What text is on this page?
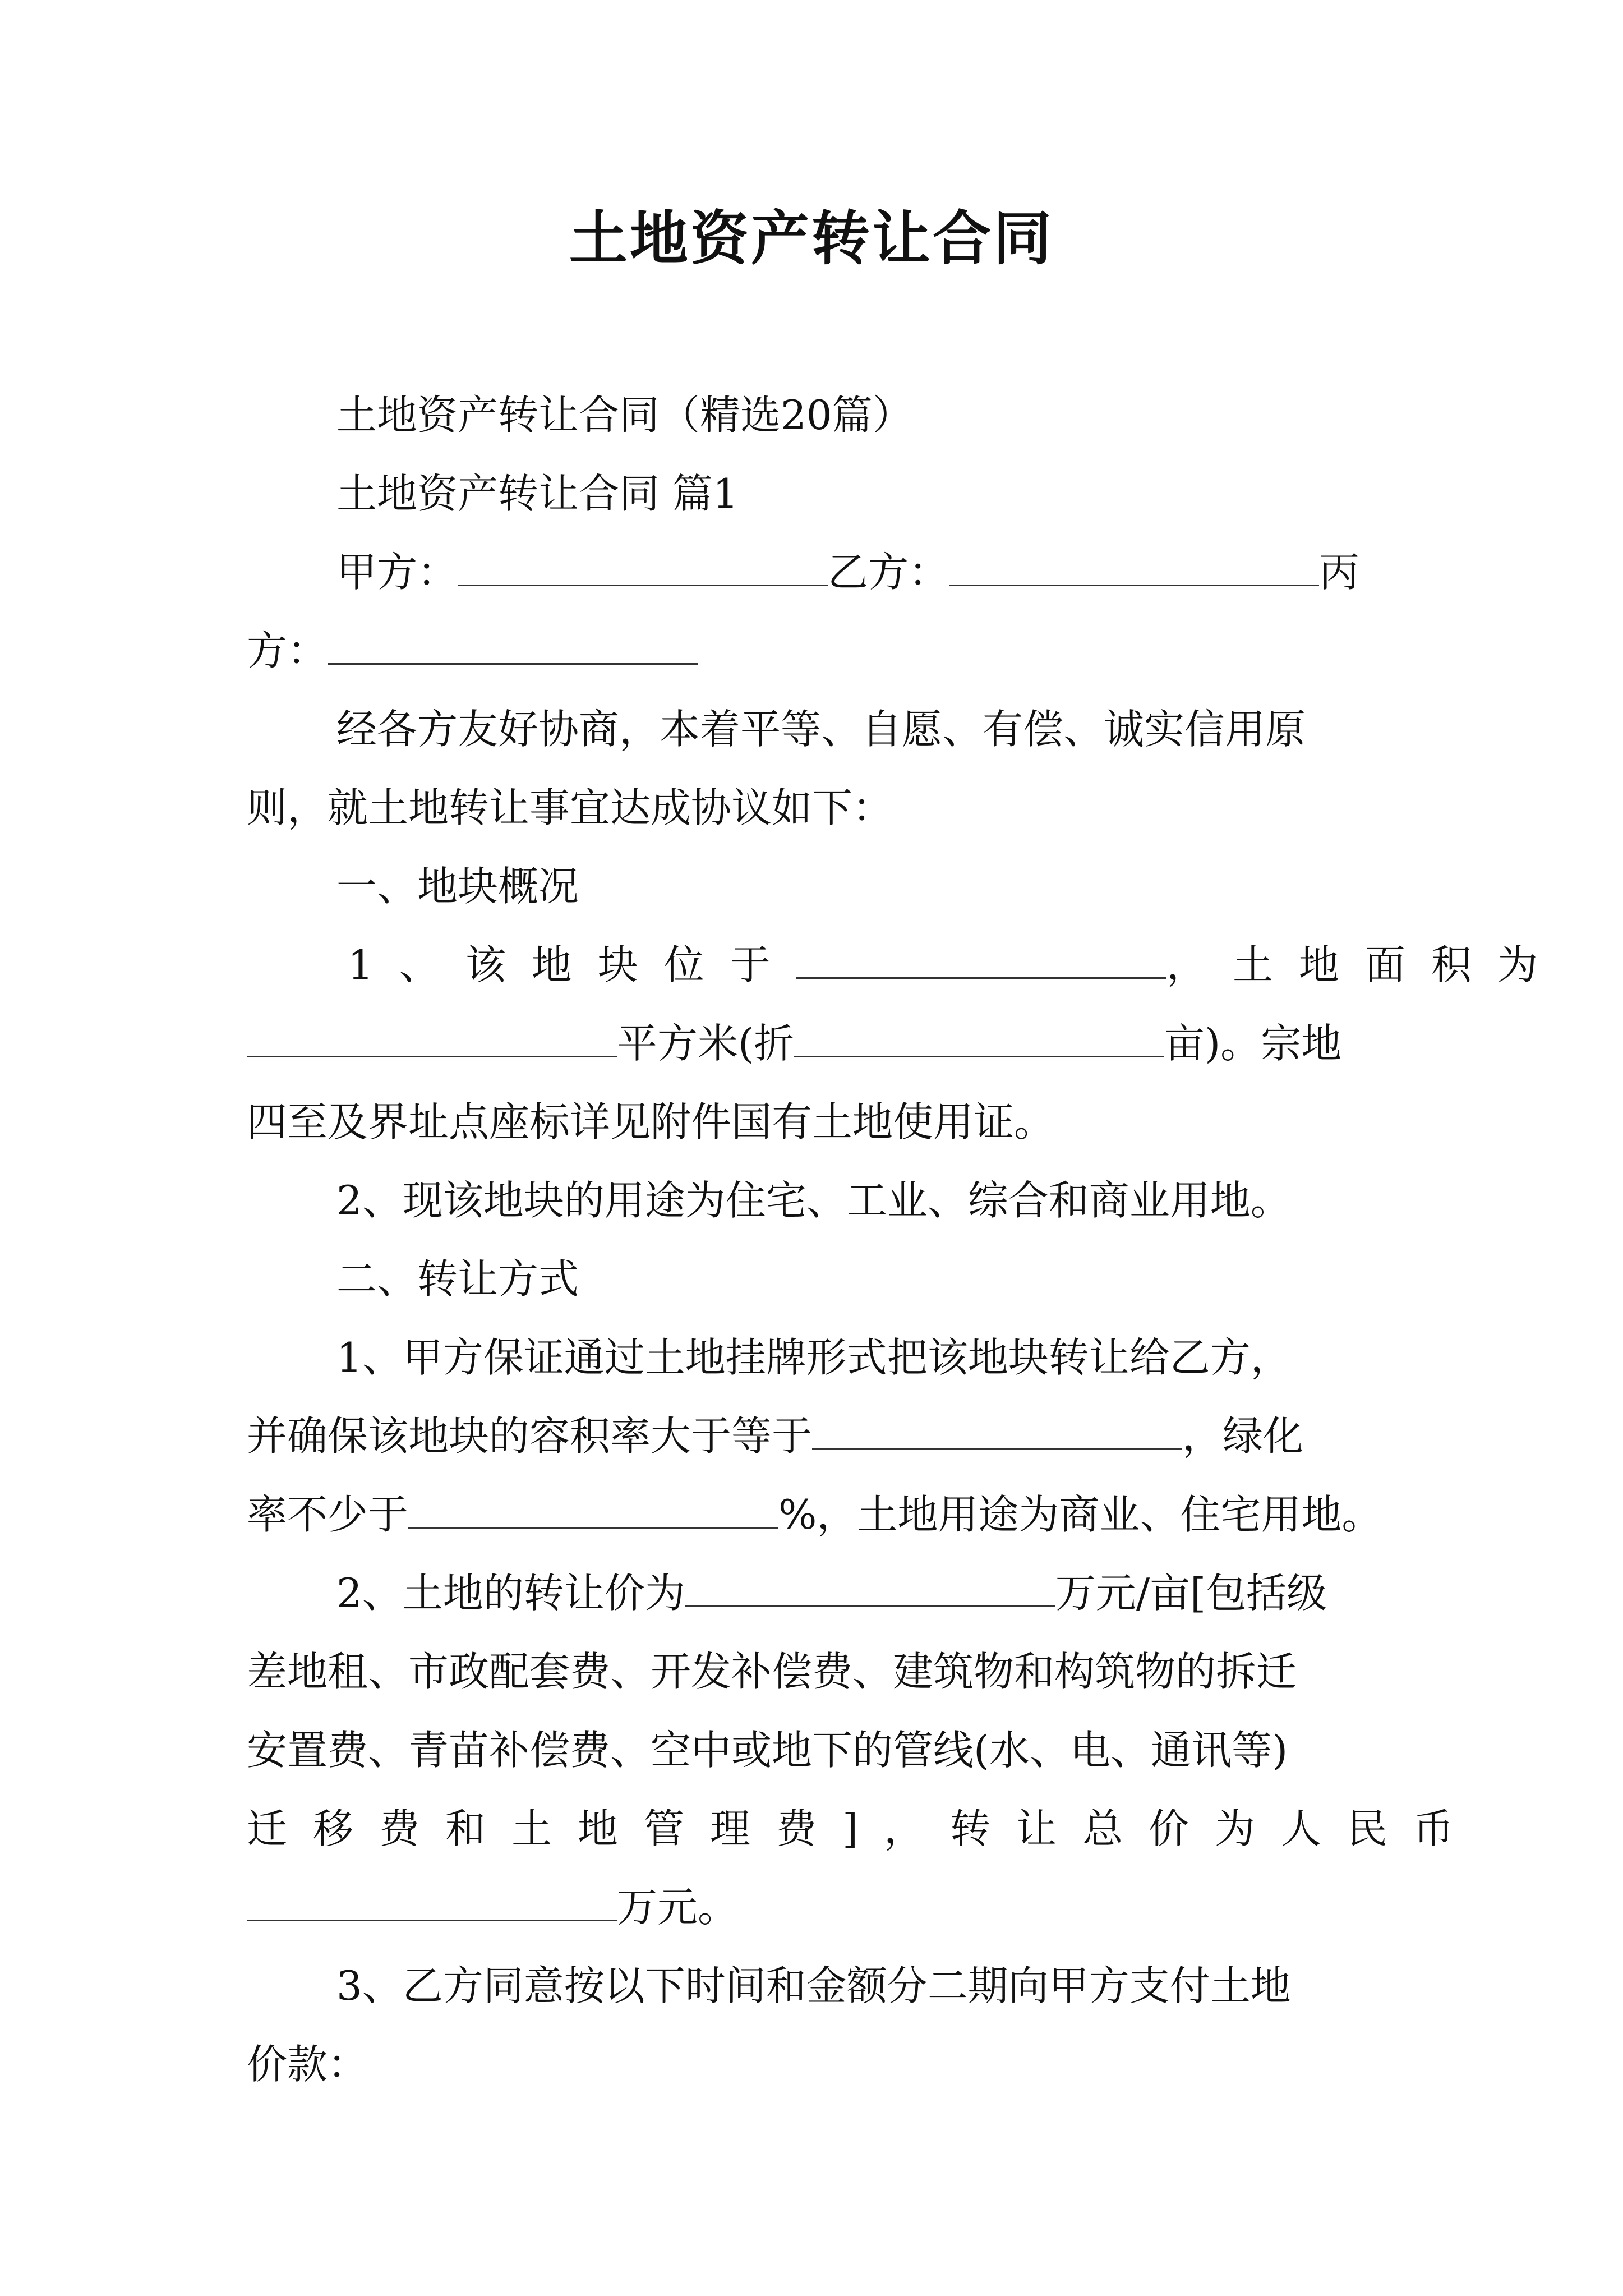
土地资产转让合同
土地资产转让合同（精选20篇）
土地资产转让合同 篇1
甲方：	乙方：	丙
方：
经各方友好协商，本着平等、自愿、有偿、诚实信用原
则，就土地转让事宜达成协议如下：
一、地块概况
1、该地块位于	，土地面积为
平方米(折	亩)。宗地
四至及界址点座标详见附件国有土地使用证。
2、现该地块的用途为住宅、工业、综合和商业用地。
二、转让方式
1、甲方保证通过土地挂牌形式把该地块转让给乙方，
并确保该地块的容积率大于等于	，绿化
率不少于	%，土地用途为商业、住宅用地。
2、土地的转让价为	万元/亩[包括级
差地租、市政配套费、开发补偿费、建筑物和构筑物的拆迁
安置费、青苗补偿费、空中或地下的管线(水、电、通讯等)
迁移费和土地管理费]，转让总价为人民币
万元。
3、乙方同意按以下时间和金额分二期向甲方支付土地
价款：
